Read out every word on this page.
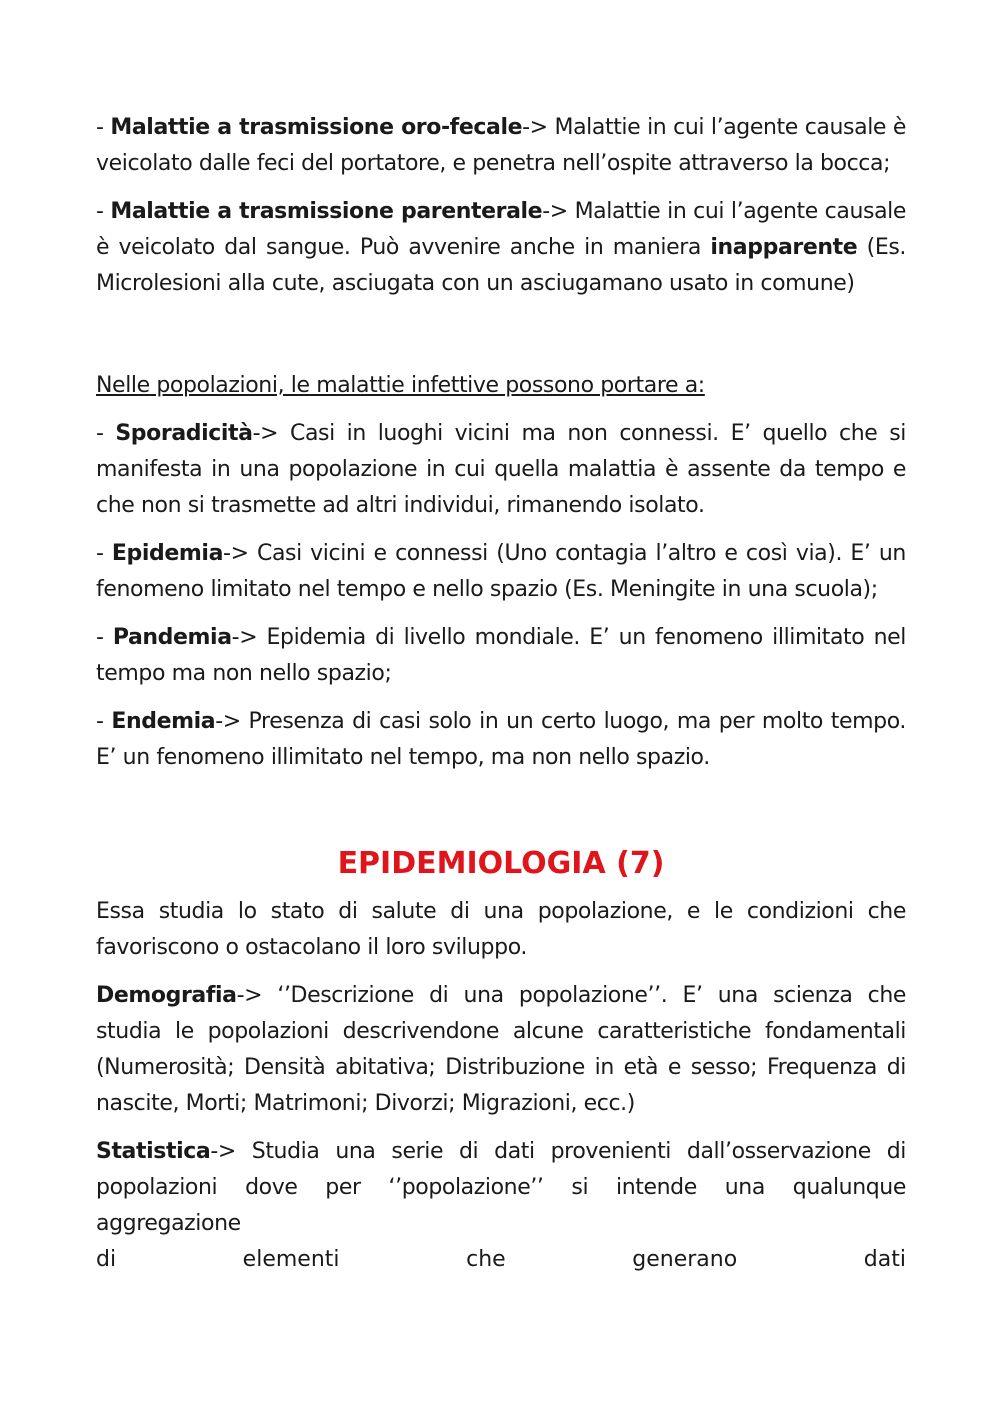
- Malattie a trasmissione oro-fecale-> Malattie in cui l’agente causale è veicolato dalle feci del portatore, e penetra nell’ospite attraverso la bocca;

- Malattie a trasmissione parenterale-> Malattie in cui l’agente causale è veicolato dal sangue. Può avvenire anche in maniera inapparente (Es. Microlesioni alla cute, asciugata con un asciugamano usato in comune)

Nelle popolazioni, le malattie infettive possono portare a:

- Sporadicità-> Casi in luoghi vicini ma non connessi. E’ quello che si manifesta in una popolazione in cui quella malattia è assente da tempo e che non si trasmette ad altri individui, rimanendo isolato.

- Epidemia-> Casi vicini e connessi (Uno contagia l’altro e così via). E’ un fenomeno limitato nel tempo e nello spazio (Es. Meningite in una scuola);

- Pandemia-> Epidemia di livello mondiale. E’ un fenomeno illimitato nel tempo ma non nello spazio;

- Endemia-> Presenza di casi solo in un certo luogo, ma per molto tempo. E’ un fenomeno illimitato nel tempo, ma non nello spazio.

EPIDEMIOLOGIA (7)

Essa studia lo stato di salute di una popolazione, e le condizioni che favoriscono o ostacolano il loro sviluppo.

Demografia-> ‘’Descrizione di una popolazione’’. E’ una scienza che studia le popolazioni descrivendone alcune caratteristiche fondamentali (Numerosità; Densità abitativa; Distribuzione in età e sesso; Frequenza di nascite, Morti; Matrimoni; Divorzi; Migrazioni, ecc.)

Statistica-> Studia una serie di dati provenienti dall’osservazione di popolazioni dove per ‘’popolazione’’ si intende una qualunque aggregazione

di	elementi	che	generano	dati
